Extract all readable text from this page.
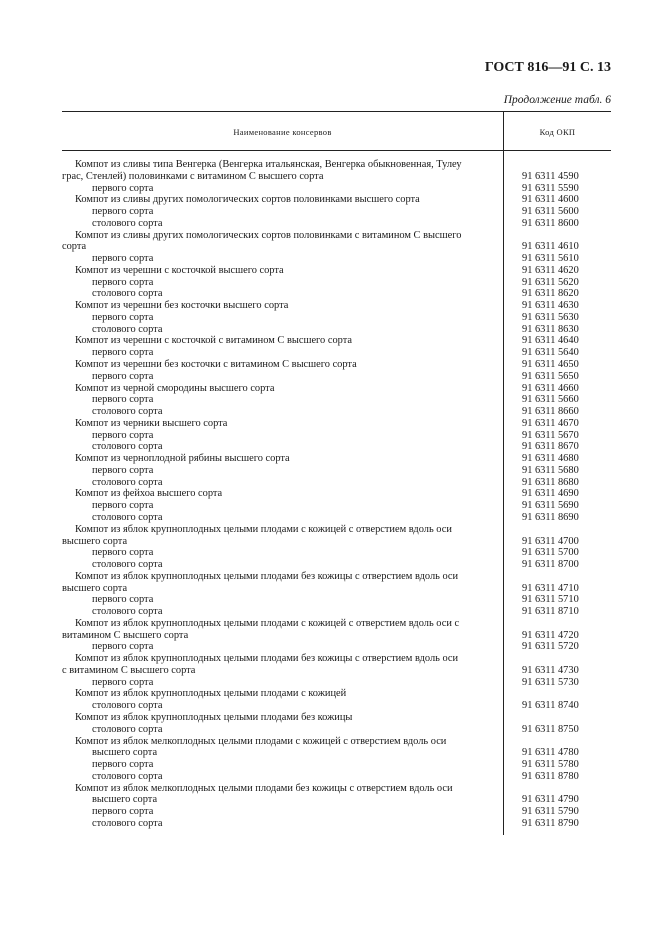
ГОСТ 816—91 С. 13
Продолжение табл. 6
Наименование консервов	Код ОКП
Компот из сливы типа Венгерка (Венгерка итальянская, Венгерка обыкновенная, Тулеу
грас, Стенлей) половинками с витамином С высшего сорта	91 6311 4590
первого сорта	91 6311 5590
Компот из сливы других помологических сортов половинками высшего сорта	91 6311 4600
первого сорта	91 6311 5600
столового сорта	91 6311 8600
Компот из сливы других помологических сортов половинками с витамином С высшего
сорта	91 6311 4610
первого сорта	91 6311 5610
Компот из черешни с косточкой высшего сорта	91 6311 4620
первого сорта	91 6311 5620
столового сорта	91 6311 8620
Компот из черешни без косточки высшего сорта	91 6311 4630
первого сорта	91 6311 5630
столового сорта	91 6311 8630
Компот из черешни с косточкой с витамином С высшего сорта	91 6311 4640
первого сорта	91 6311 5640
Компот из черешни без косточки с витамином С высшего сорта	91 6311 4650
первого сорта	91 6311 5650
Компот из черной смородины высшего сорта	91 6311 4660
первого сорта	91 6311 5660
столового сорта	91 6311 8660
Компот из черники высшего сорта	91 6311 4670
первого сорта	91 6311 5670
столового сорта	91 6311 8670
Компот из черноплодной рябины высшего сорта	91 6311 4680
первого сорта	91 6311 5680
столового сорта	91 6311 8680
Компот из фейхоа высшего сорта	91 6311 4690
первого сорта	91 6311 5690
столового сорта	91 6311 8690
Компот из яблок крупноплодных целыми плодами с кожицей с отверстием вдоль оси
высшего сорта	91 6311 4700
первого сорта	91 6311 5700
столового сорта	91 6311 8700
Компот из яблок крупноплодных целыми плодами без кожицы с отверстием вдоль оси
высшего сорта	91 6311 4710
первого сорта	91 6311 5710
столового сорта	91 6311 8710
Компот из яблок крупноплодных целыми плодами с кожицей с отверстием вдоль оси с
витамином С высшего сорта	91 6311 4720
первого сорта	91 6311 5720
Компот из яблок крупноплодных целыми плодами без кожицы с отверстием вдоль оси
с витамином С высшего сорта	91 6311 4730
первого сорта	91 6311 5730
Компот из яблок крупноплодных целыми плодами с кожицей
столового сорта	91 6311 8740
Компот из яблок крупноплодных целыми плодами без кожицы
столового сорта	91 6311 8750
Компот из яблок мелкоплодных целыми плодами с кожицей с отверстием вдоль оси
высшего сорта	91 6311 4780
первого сорта	91 6311 5780
столового сорта	91 6311 8780
Компот из яблок мелкоплодных целыми плодами без кожицы с отверстием вдоль оси
высшего сорта	91 6311 4790
первого сорта	91 6311 5790
столового сорта	91 6311 8790
